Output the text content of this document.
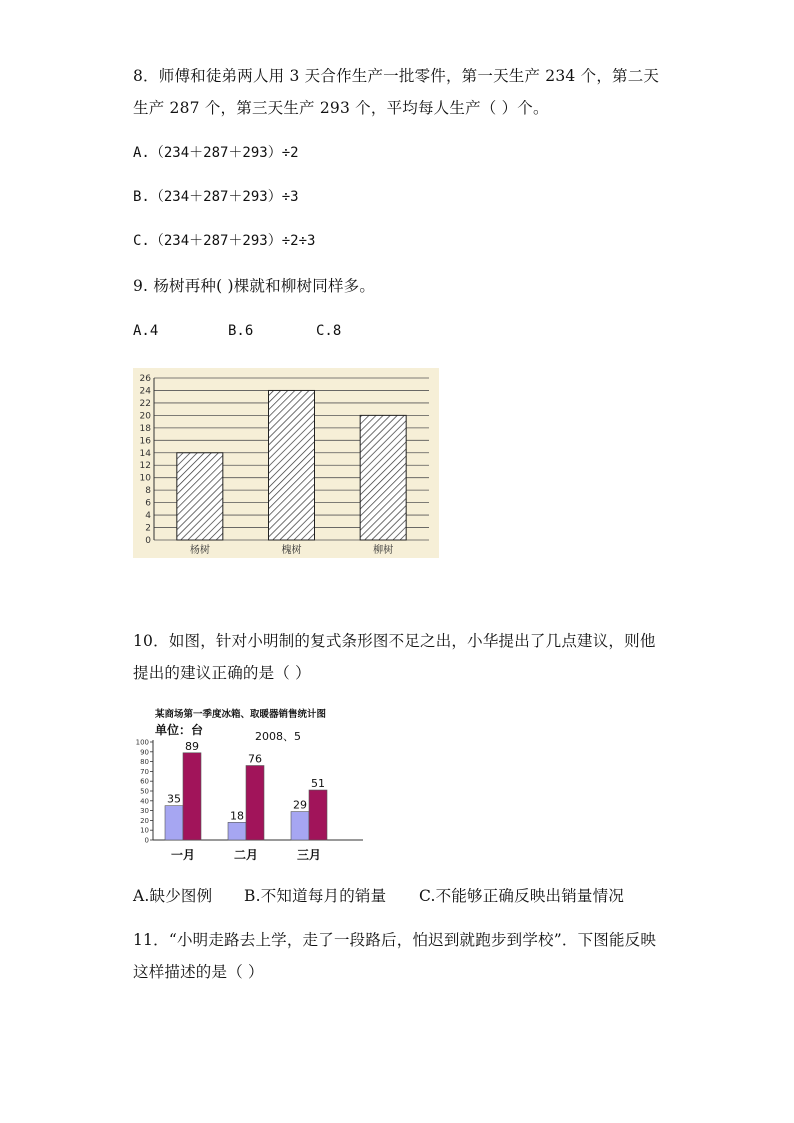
8．师傅和徒弟两人用 3 天合作生产一批零件，第一天生产 234 个，第二天
生产 287 个，第三天生产 293 个，平均每人生产（ ）个。
A.（234＋287＋293）÷2
B.（234＋287＋293）÷3
C.（234＋287＋293）÷2÷3
9. 杨树再种( )棵就和柳树同样多。
A.4	B.6	C.8
0
2
4
6
8
10
12
14
16
18
20
22
24
26
杨树	槐树	柳树
10．如图，针对小明制的复式条形图不足之出，小华提出了几点建议，则他
提出的建议正确的是（ ）
某商场第一季度冰箱、取暖器销售统计图
单位：台	2008、5
0
10
20
30
40
50
60
70
80
90
100
35
89
一月
18
76
二月
29
51
三月
A.缺少图例 B.不知道每月的销量 C.不能够正确反映出销量情况
11．“小明走路去上学，走了一段路后，怕迟到就跑步到学校”．下图能反映
这样描述的是（ ）
